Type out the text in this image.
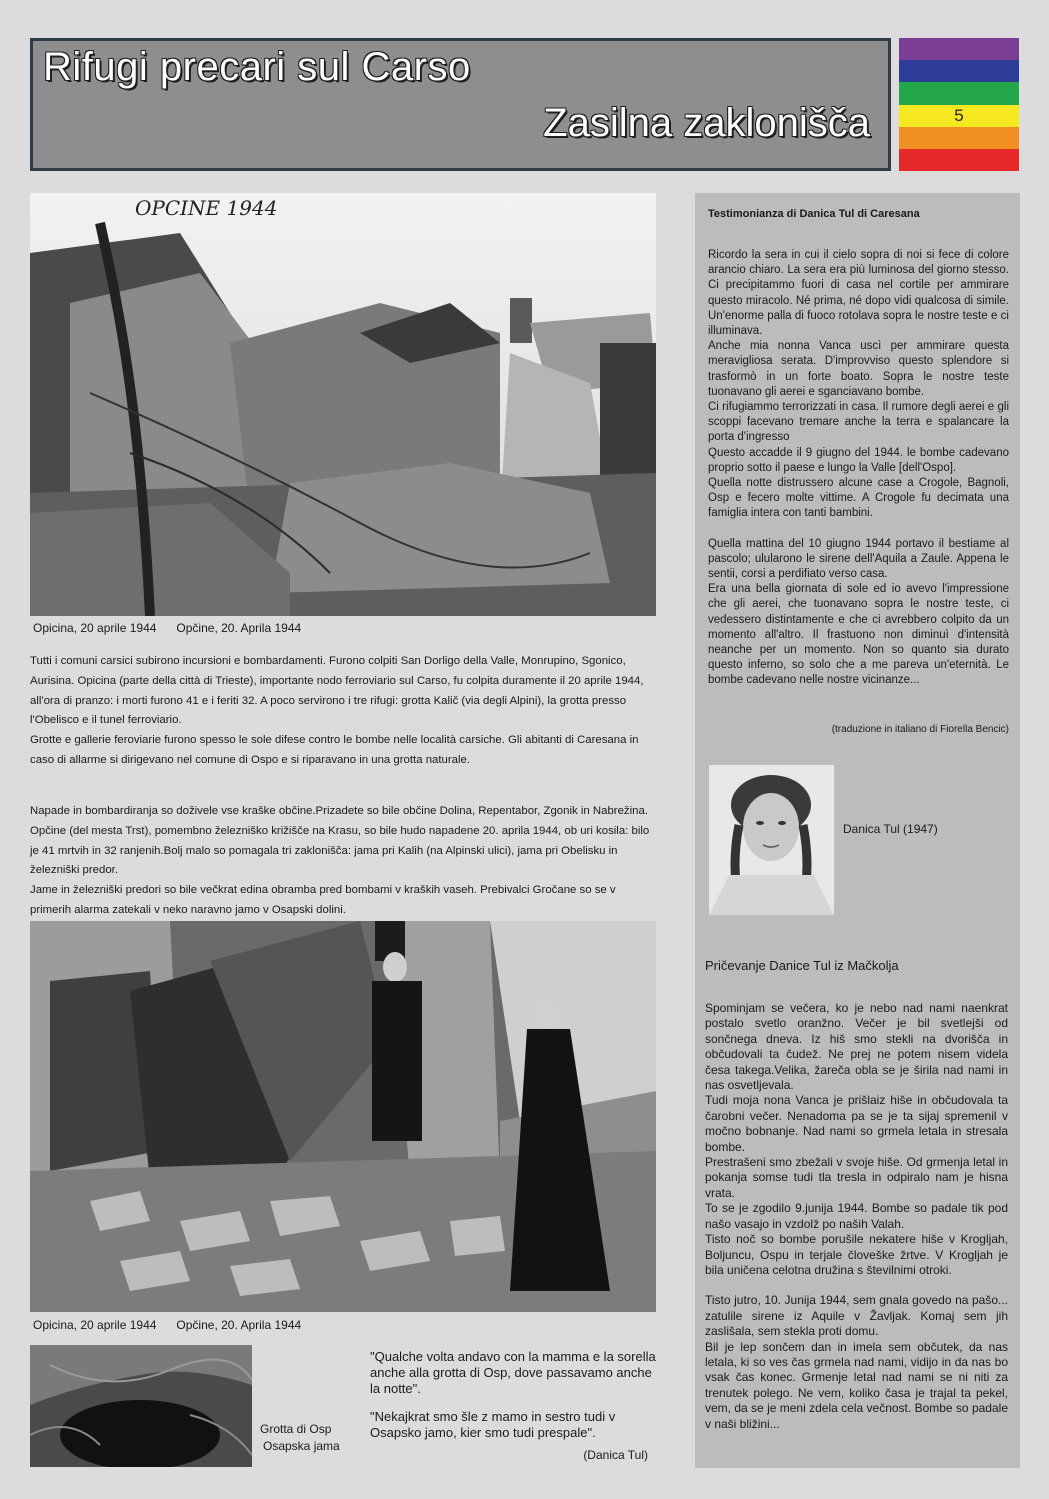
Rifugi precari sul Carso
Zasilna zaklonišča	5
OPCINE 1944
Opicina, 20 aprile 1944      Opčine, 20. Aprila 1944

Tutti i comuni carsici subirono incursioni e bombardamenti. Furono colpiti San Dorligo della Valle, Monrupino, Sgonico, Aurisina. Opicina (parte della città di Trieste), importante nodo ferroviario sul Carso, fu colpita duramente il 20 aprile 1944, all'ora di pranzo: i morti furono 41 e i feriti 32. A poco servirono i tre rifugi: grotta Kalič (via degli Alpini), la grotta presso l'Obelisco e il tunel ferroviario.

Grotte e gallerie feroviarie furono spesso le sole difese contro le bombe nelle località carsiche. Gli abitanti di Caresana in caso di allarme si dirigevano nel comune di Ospo e si riparavano in una grotta naturale.

Napade in bombardiranja so doživele vse kraške občine.Prizadete so bile občine Dolina, Repentabor, Zgonik in Nabrežina.

Opčine (del mesta Trst), pomembno železniško križišče na Krasu, so bile hudo napadene 20. aprila 1944, ob uri kosila: bilo je 41 mrtvih in 32 ranjenih.Bolj malo so pomagala tri zaklonišča: jama pri Kalih (na Alpinski ulici), jama pri Obelisku in železniški predor.

Jame in železniški predori so bile večkrat edina obramba pred bombami v kraških vaseh. Prebivalci Gročane so se v primerih alarma zatekali v neko naravno jamo v Osapski dolini.

Opicina, 20 aprile 1944      Opčine, 20. Aprila 1944
Grotta di Osp
Osapska jama

"Qualche volta andavo con la mamma e la sorella anche alla grotta di Osp, dove passavamo anche la notte".

"Nekajkrat smo šle z mamo in sestro tudi v Osapsko jamo, kier smo tudi prespale".

(Danica Tul)
Testimonianza di Danica Tul di Caresana

Ricordo la sera in cui il cielo sopra di noi si fece di colore arancio chiaro. La sera era più luminosa del giorno stesso. Ci precipitammo fuori di casa nel cortile per ammirare questo miracolo. Né prima, né dopo vidi qualcosa di simile. Un'enorme palla di fuoco rotolava sopra le nostre teste e ci illuminava.

Anche mia nonna Vanca uscì per ammirare questa meravigliosa serata. D'improvviso questo splendore si trasformò in un forte boato. Sopra le nostre teste tuonavano gli aerei e sganciavano bombe.

Ci rifugiammo terrorizzati in casa. Il rumore degli aerei e gli scoppi facevano tremare anche la terra e spalancare la porta d'ingresso

Questo accadde il 9 giugno del 1944. le bombe cadevano proprio sotto il paese e lungo la Valle [dell'Ospo].

Quella notte distrussero alcune case a Crogole, Bagnoli, Osp e fecero molte vittime. A Crogole fu decimata una famiglia intera con tanti bambini.

Quella mattina del 10 giugno 1944 portavo il bestiame al pascolo; ulularono le sirene dell'Aquila a Zaule. Appena le sentii, corsi a perdifiato verso casa.

Era una bella giornata di sole ed io avevo l'impressione che gli aerei, che tuonavano sopra le nostre teste, ci vedessero distintamente e che ci avrebbero colpito da un momento all'altro. Il frastuono non diminuì d'intensità neanche per un momento. Non so quanto sia durato questo inferno, so solo che a me pareva un'eternità. Le bombe cadevano nelle nostre vicinanze...

(traduzione in italiano di Fiorella Bencic)
Danica Tul (1947)
Pričevanje Danice Tul iz Mačkolja

Spominjam se večera, ko je nebo nad nami naenkrat postalo svetlo oranžno. Večer je bil svetlejši od sončnega dneva. Iz hiš smo stekli na dvorišča in občudovali ta čudež. Ne prej ne potem nisem videla česa takega.Velika, žareča obla se je širila nad nami in nas osvetljevala.

Tudi moja nona Vanca je prišlaiz hiše in občudovala ta čarobni večer. Nenadoma pa se je ta sijaj spremenil v močno bobnanje. Nad nami so grmela letala in stresala bombe.

Prestrašeni smo zbežali v svoje hiše. Od grmenja letal in pokanja somse tudi tla tresla in odpiralo nam je hisna vrata.

To se je zgodilo 9.junija 1944. Bombe so padale tik pod našo vasajo in vzdolž po naših Valah.

Tisto noč so bombe porušile nekatere hiše v Krogljah, Boljuncu, Ospu in terjale človeške žrtve. V Krogljah je bila uničena celotna družina s številnimi otroki.

Tisto jutro, 10. Junija 1944, sem gnala govedo na pašo... zatulile sirene iz Aquile v Žavljak. Komaj sem jih zaslišala, sem stekla proti domu.

Bil je lep sončem dan in imela sem občutek, da nas letala, ki so ves čas grmela nad nami, vidijo in da nas bo vsak čas konec. Grmenje letal nad nami se ni niti za trenutek polego. Ne vem, koliko časa je trajal ta pekel, vem, da se je meni zdela cela večnost. Bombe so padale v naši bližini...
